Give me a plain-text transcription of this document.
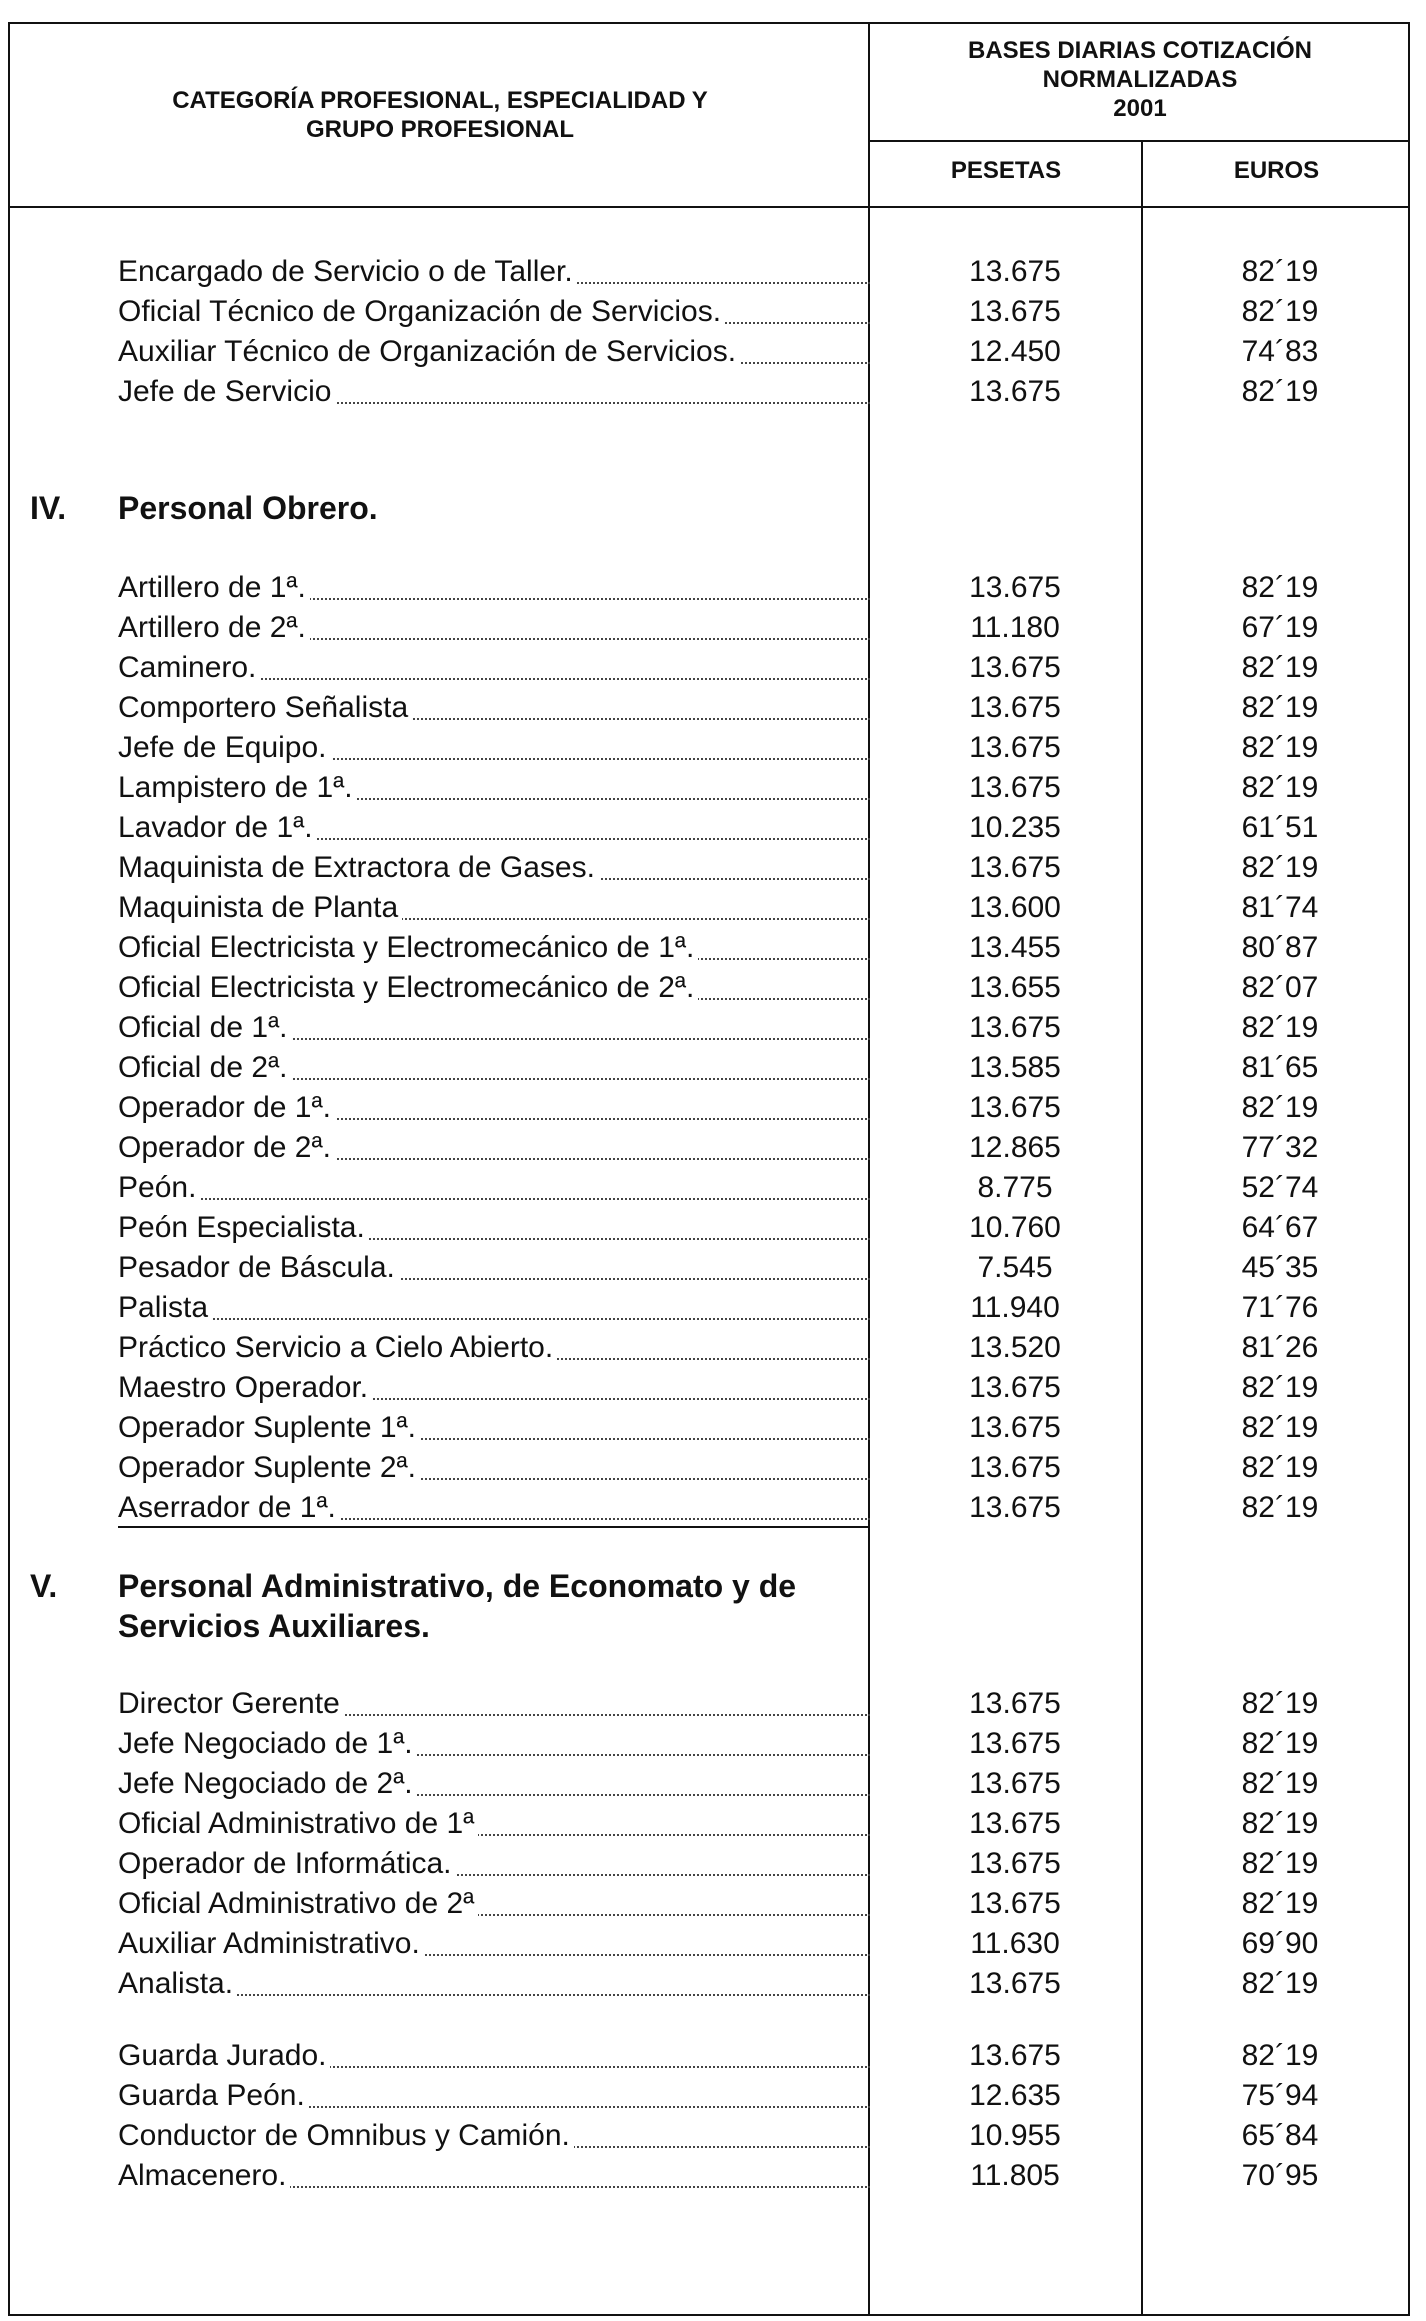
CATEGORÍA PROFESIONAL, ESPECIALIDAD Y
GRUPO PROFESIONAL
BASES DIARIAS COTIZACIÓN
NORMALIZADAS
2001
PESETAS	EUROS
Encargado de Servicio o de Taller.	13.675	82´19
Oficial Técnico de Organización de Servicios.	13.675	82´19
Auxiliar Técnico de Organización de Servicios.	12.450	74´83
Jefe de Servicio	13.675	82´19
Artillero de 1ª.	13.675	82´19
Artillero de 2ª.	11.180	67´19
Caminero.	13.675	82´19
Comportero Señalista	13.675	82´19
Jefe de Equipo.	13.675	82´19
Lampistero de 1ª.	13.675	82´19
Lavador de 1ª.	10.235	61´51
Maquinista de Extractora de Gases.	13.675	82´19
Maquinista de Planta	13.600	81´74
Oficial Electricista y Electromecánico de 1ª.	13.455	80´87
Oficial Electricista y Electromecánico de 2ª.	13.655	82´07
Oficial de 1ª.	13.675	82´19
Oficial de 2ª.	13.585	81´65
Operador de 1ª.	13.675	82´19
Operador de 2ª.	12.865	77´32
Peón.	8.775	52´74
Peón Especialista.	10.760	64´67
Pesador de Báscula.	7.545	45´35
Palista	11.940	71´76
Práctico Servicio a Cielo Abierto.	13.520	81´26
Maestro Operador.	13.675	82´19
Operador Suplente 1ª.	13.675	82´19
Operador Suplente 2ª.	13.675	82´19
Aserrador de 1ª.	13.675	82´19
Director Gerente	13.675	82´19
Jefe Negociado de 1ª.	13.675	82´19
Jefe Negociado de 2ª.	13.675	82´19
Oficial Administrativo de 1ª	13.675	82´19
Operador de Informática.	13.675	82´19
Oficial Administrativo de 2ª	13.675	82´19
Auxiliar Administrativo.	11.630	69´90
Analista.	13.675	82´19
Guarda Jurado.	13.675	82´19
Guarda Peón.	12.635	75´94
Conductor de Omnibus y Camión.	10.955	65´84
Almacenero.	11.805	70´95
IV. Personal Obrero.
V. Personal Administrativo, de Economato y de
Servicios Auxiliares.
